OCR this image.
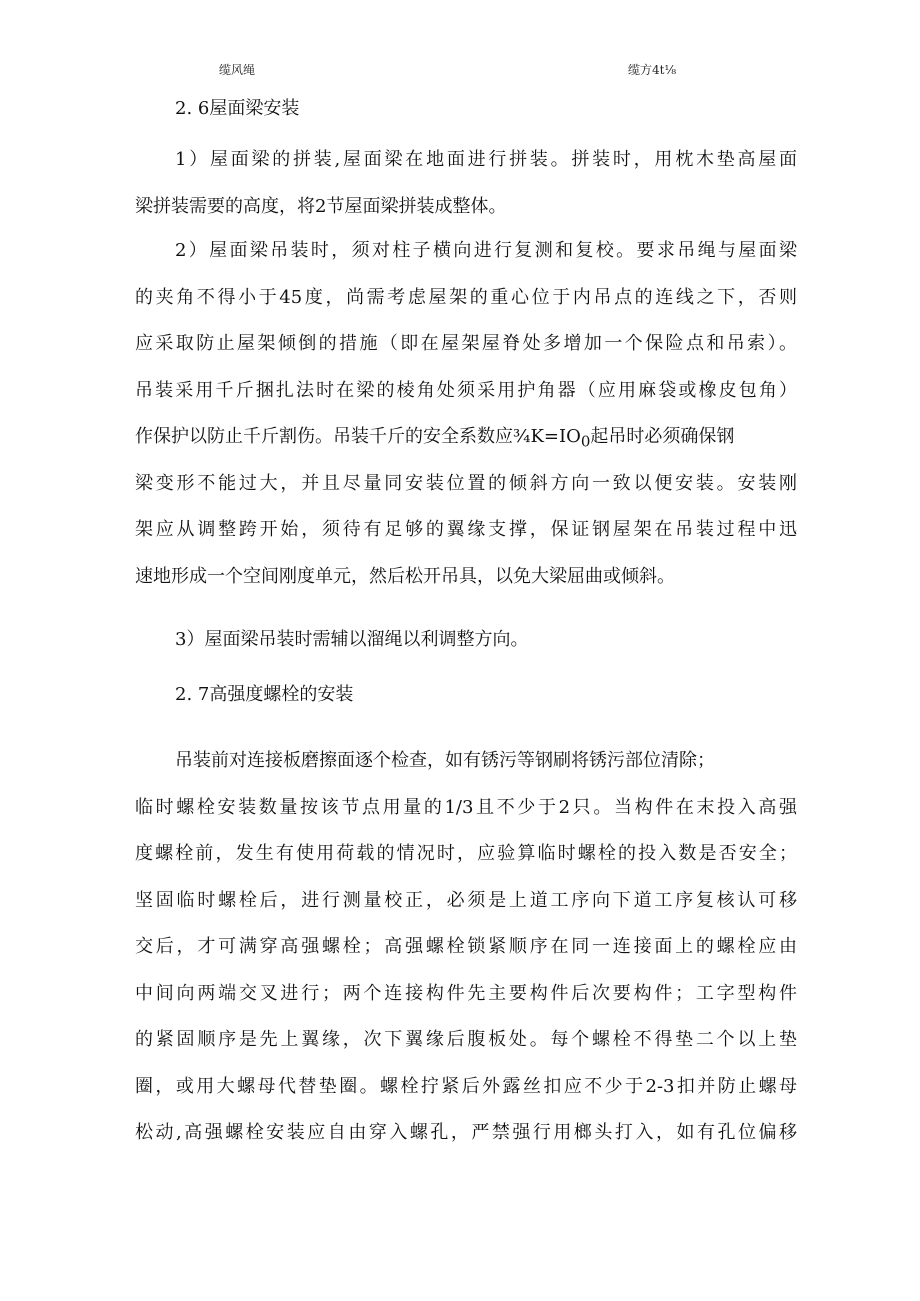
缆风绳	缆方4t⅛
2. 6屋面梁安装
1）屋面梁的拼装,屋面梁在地面进行拼装。拼装时，用枕木垫高屋面
梁拼装需要的高度，将2节屋面梁拼装成整体。
2）屋面梁吊装时，须对柱子横向进行复测和复校。要求吊绳与屋面梁
的夹角不得小于45度，尚需考虑屋架的重心位于内吊点的连线之下，否则
应采取防止屋架倾倒的措施（即在屋架屋脊处多增加一个保险点和吊索）。
吊装采用千斤捆扎法时在梁的棱角处须采用护角器（应用麻袋或橡皮包角）
作保护以防止千斤割伤。吊装千斤的安全系数应$\frac{3}{4}K=IO_0$起吊时必须确保钢
梁变形不能过大，并且尽量同安装位置的倾斜方向一致以便安装。安装刚
架应从调整跨开始，须待有足够的翼缘支撑，保证钢屋架在吊装过程中迅
速地形成一个空间刚度单元，然后松开吊具，以免大梁屈曲或倾斜。
3）屋面梁吊装时需辅以溜绳以利调整方向。
2. 7高强度螺栓的安装
吊装前对连接板磨擦面逐个检查，如有锈污等钢刷将锈污部位清除；
临时螺栓安装数量按该节点用量的1/3且不少于2只。当构件在末投入高强
度螺栓前，发生有使用荷载的情况时，应验算临时螺栓的投入数是否安全；
坚固临时螺栓后，进行测量校正，必须是上道工序向下道工序复核认可移
交后，才可满穿高强螺栓；高强螺栓锁紧顺序在同一连接面上的螺栓应由
中间向两端交叉进行；两个连接构件先主要构件后次要构件；工字型构件
的紧固顺序是先上翼缘，次下翼缘后腹板处。每个螺栓不得垫二个以上垫
圈，或用大螺母代替垫圈。螺栓拧紧后外露丝扣应不少于2-3扣并防止螺母
松动,高强螺栓安装应自由穿入螺孔，严禁强行用榔头打入，如有孔位偏移
